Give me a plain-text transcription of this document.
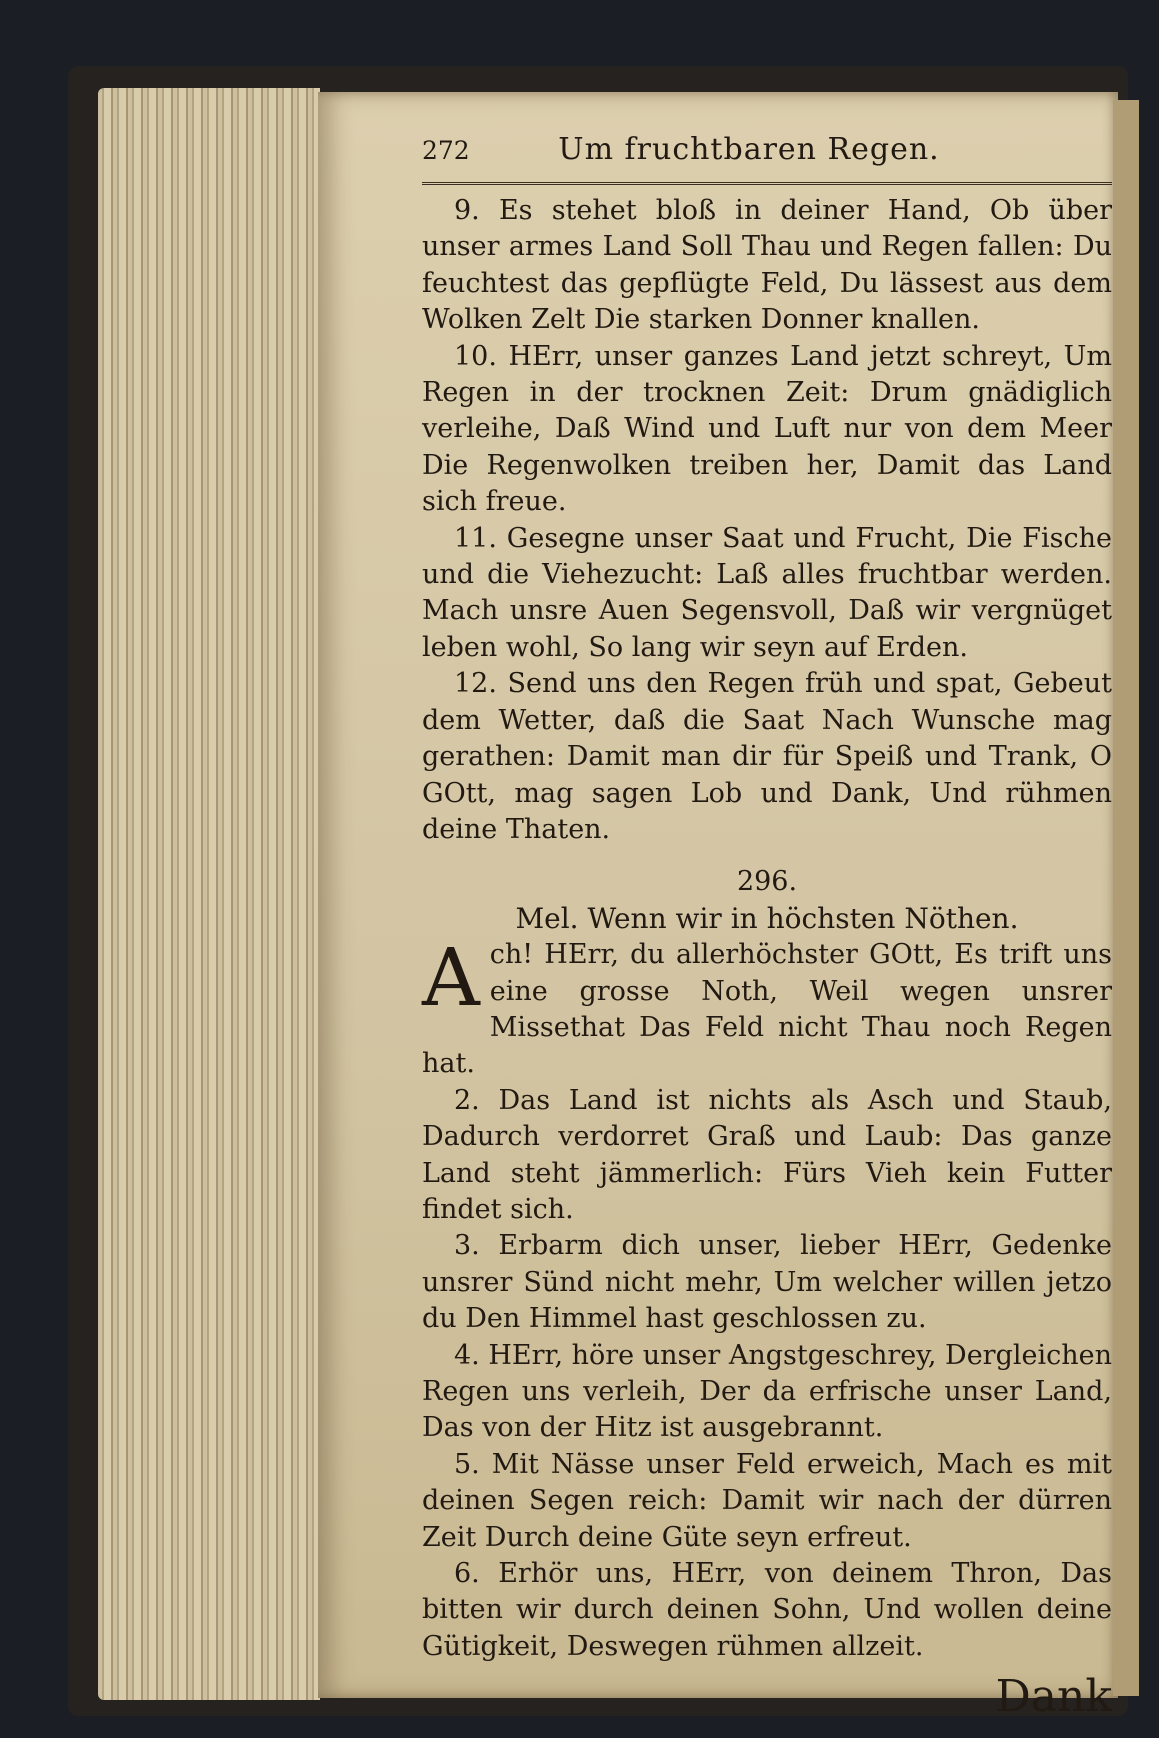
272	Um fruchtbaren Regen.

9. Es stehet bloß in deiner Hand, Ob über unser armes Land Soll Thau und Regen fallen: Du feuchtest das gepflügte Feld, Du lässest aus dem Wolken Zelt Die starken Donner knallen.

10. HErr, unser ganzes Land jetzt schreyt, Um Regen in der trocknen Zeit: Drum gnädiglich verleihe, Daß Wind und Luft nur von dem Meer Die Regenwolken treiben her, Damit das Land sich freue.

11. Gesegne unser Saat und Frucht, Die Fische und die Viehezucht: Laß alles fruchtbar werden. Mach unsre Auen Segensvoll, Daß wir vergnüget leben wohl, So lang wir seyn auf Erden.

12. Send uns den Regen früh und spat, Gebeut dem Wetter, daß die Saat Nach Wunsche mag gerathen: Damit man dir für Speiß und Trank, O GOtt, mag sagen Lob und Dank, Und rühmen deine Thaten.

296.

Mel. Wenn wir in höchsten Nöthen.

A ch! HErr, du allerhöchster GOtt, Es trift uns eine grosse Noth, Weil wegen unsrer Missethat Das Feld nicht Thau noch Regen hat.

2. Das Land ist nichts als Asch und Staub, Dadurch verdorret Graß und Laub: Das ganze Land steht jämmerlich: Fürs Vieh kein Futter findet sich.

3. Erbarm dich unser, lieber HErr, Gedenke unsrer Sünd nicht mehr, Um welcher willen jetzo du Den Himmel hast geschlossen zu.

4. HErr, höre unser Angstgeschrey, Dergleichen Regen uns verleih, Der da erfrische unser Land, Das von der Hitz ist ausgebrannt.

5. Mit Nässe unser Feld erweich, Mach es mit deinen Segen reich: Damit wir nach der dürren Zeit Durch deine Güte seyn erfreut.

6. Erhör uns, HErr, von deinem Thron, Das bitten wir durch deinen Sohn, Und wollen deine Gütigkeit, Deswegen rühmen allzeit.

Dank
